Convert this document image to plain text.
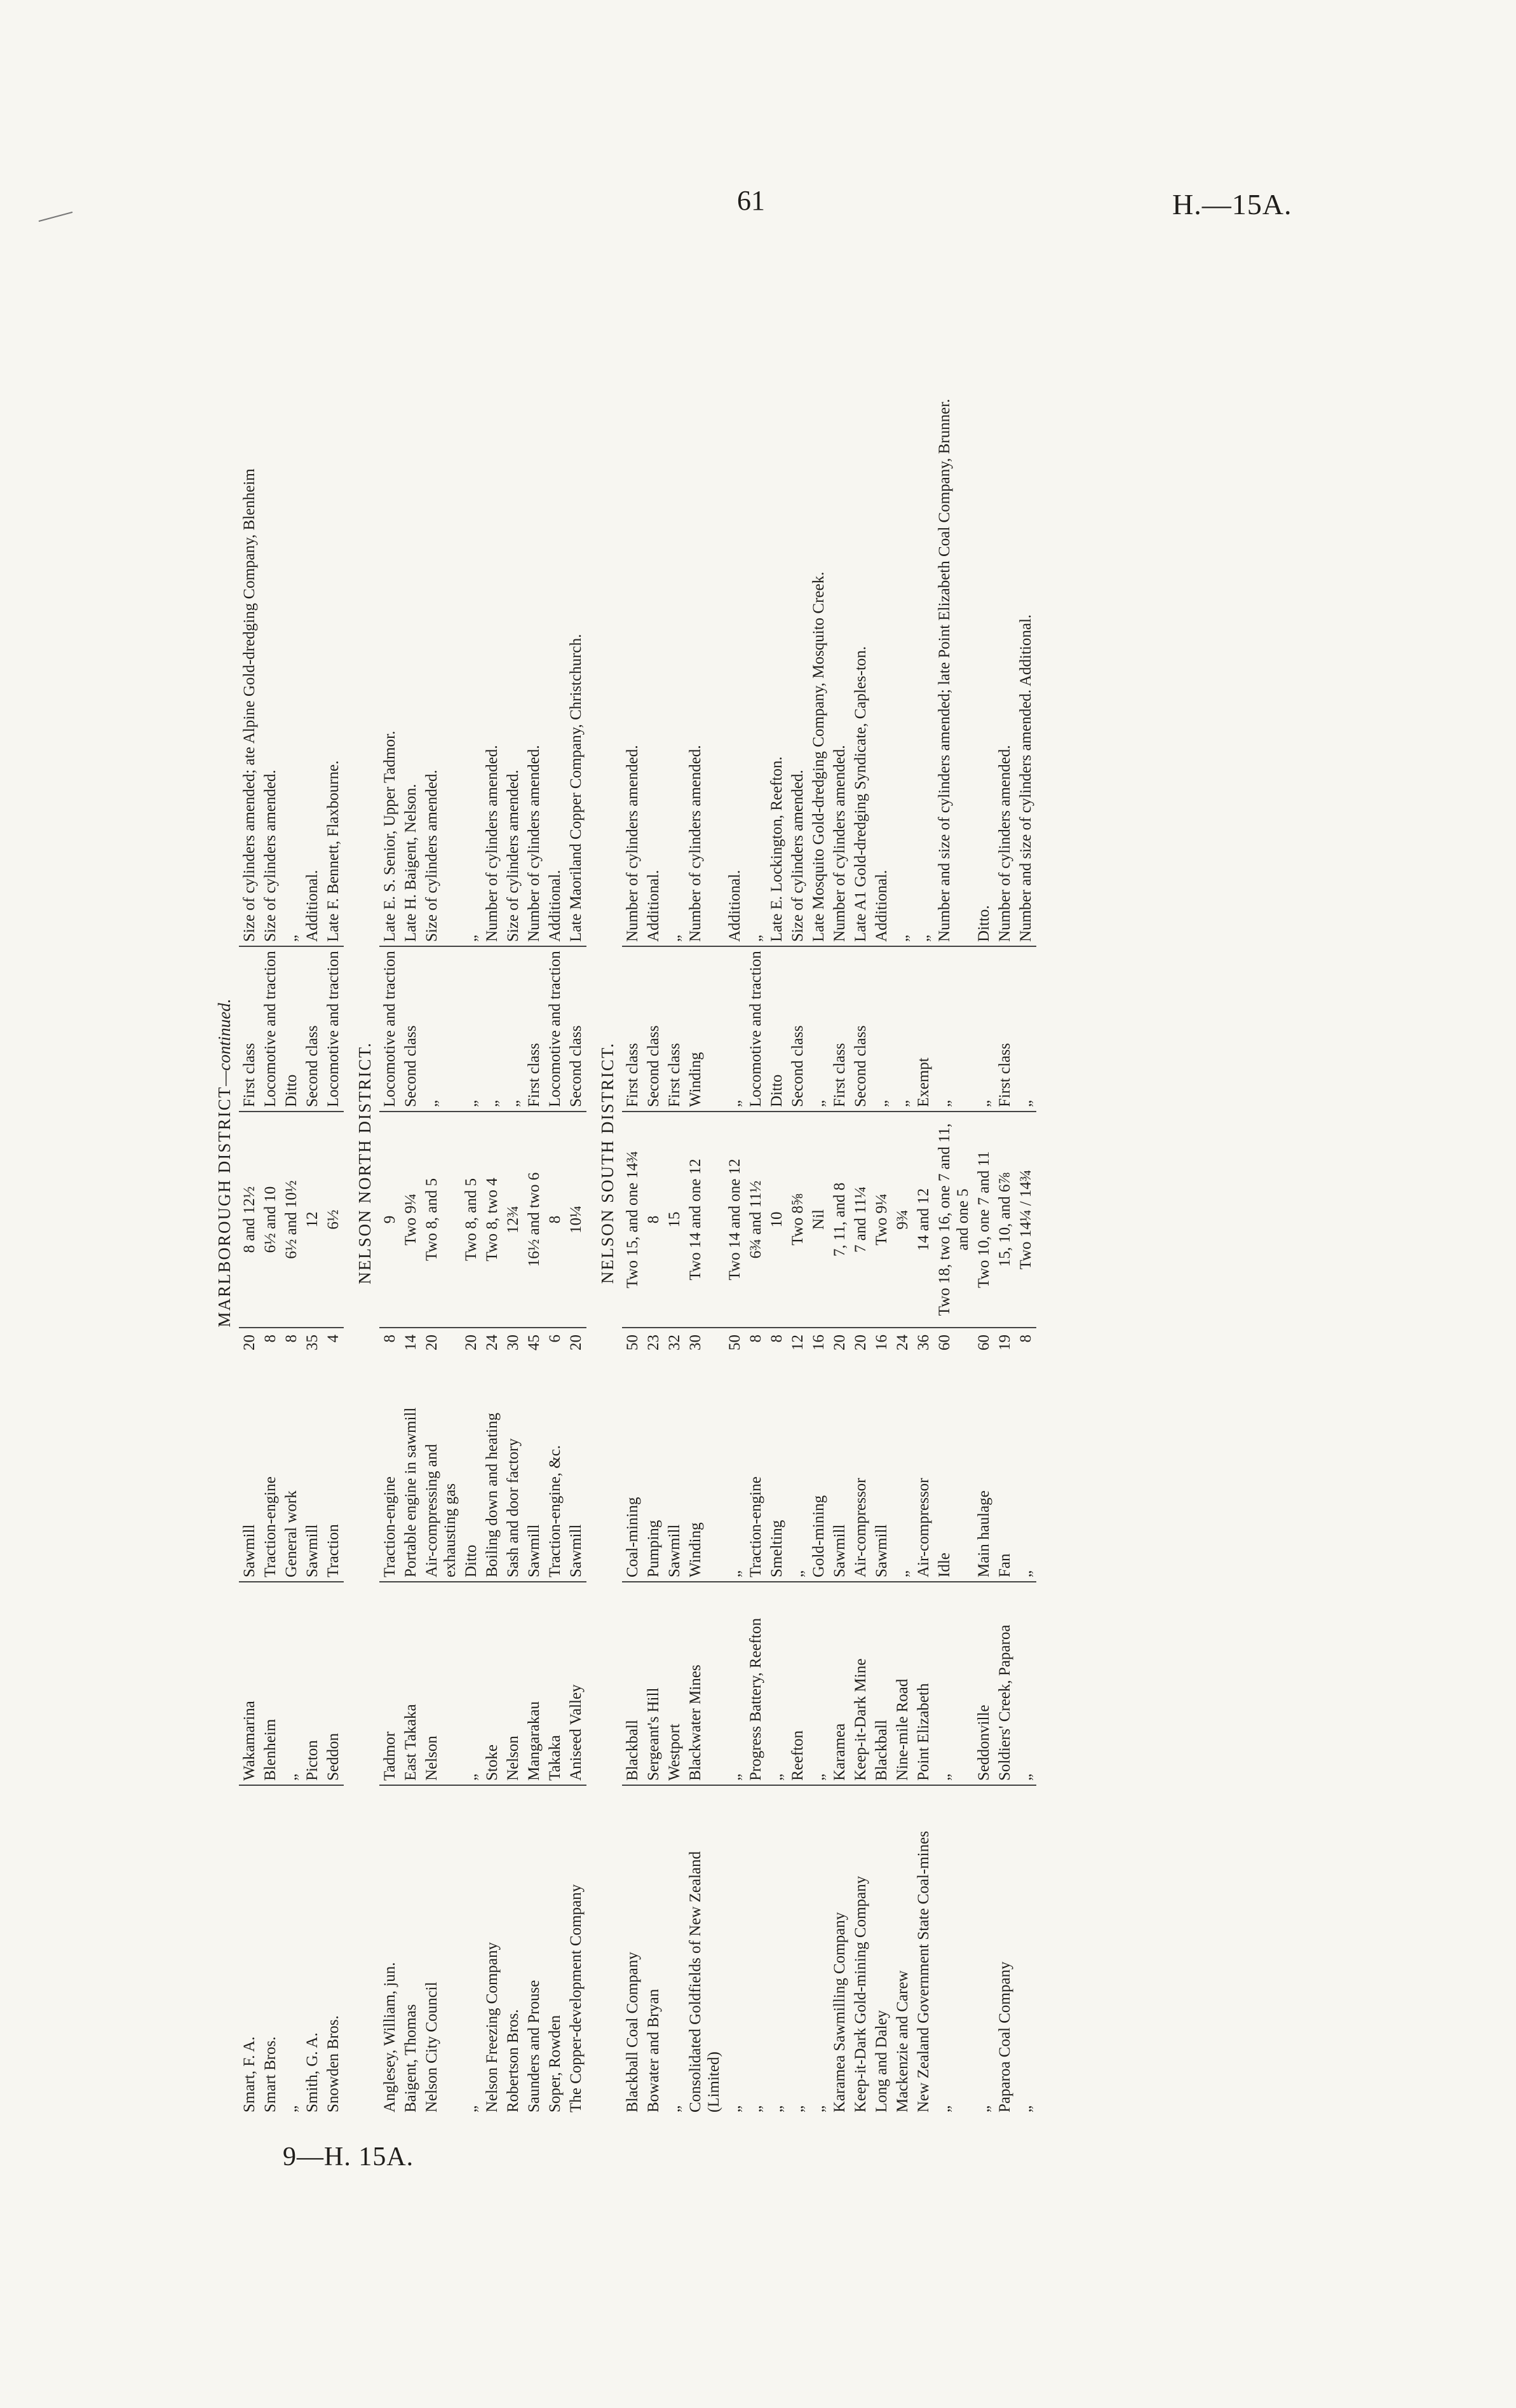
61	H.—15A.
9—H. 15A.
MARLBOROUGH DISTRICT—continued.
Smart, F. A.
Wakamarina
Sawmill
20
8 and 12½
First class
Size of cylinders amended; ate Alpine Gold-dredging Company, Blenheim
Smart Bros.
Blenheim
Traction-engine
8
6½ and 10
Locomotive and traction
Size of cylinders amended.
„
„
General work
8
6½ and 10½
Ditto
„
Smith, G. A.
Picton
Sawmill
35
12
Second class
Additional.
Snowden Bros.
Seddon
Traction
4
6½
Locomotive and traction
Late F. Bennett, Flaxbourne.
NELSON NORTH DISTRICT.
Anglesey, William, jun.
Tadmor
Traction-engine
8
9
Locomotive and traction
Late E. S. Senior, Upper Tadmor.
Baigent, Thomas
East Takaka
Portable engine in sawmill
14
Two 9¼
Second class
Late H. Baigent, Nelson.
Nelson City Council
Nelson
Air-compressing and exhausting gas
20
Two 8, and 5
„
Size of cylinders amended.
„
„
Ditto
20
Two 8, and 5
„
„
Nelson Freezing Company
Stoke
Boiling down and heating
24
Two 8, two 4
„
Number of cylinders amended.
Robertson Bros.
Nelson
Sash and door factory
30
12¾
„
Size of cylinders amended.
Saunders and Prouse
Mangarakau
Sawmill
45
16½ and two 6
First class
Number of cylinders amended.
Soper, Rowden
Takaka
Traction-engine, &c.
6
8
Locomotive and traction
Additional.
The Copper-development Company
Aniseed Valley
Sawmill
20
10¼
Second class
Late Maoriland Copper Company, Christchurch.
NELSON SOUTH DISTRICT.
Blackball Coal Company
Blackball
Coal-mining
50
Two 15, and one 14¾
First class
Number of cylinders amended.
Bowater and Bryan
Sergeant's Hill
Pumping
23
8
Second class
Additional.
„
Westport
Sawmill
32
15
First class
„
Consolidated Goldfields of New Zealand (Limited)
Blackwater Mines
Winding
30
Two 14 and one 12
Winding
Number of cylinders amended.
„
„
„
50
Two 14 and one 12
„
Additional.
„
Progress Battery, Reefton
Traction-engine
8
6¾ and 11½
Locomotive and traction
„
„
„
Smelting
8
10
Ditto
Late E. Lockington, Reefton.
„
Reefton
„
12
Two 8⅝
Second class
Size of cylinders amended.
„
„
Gold-mining
16
Nil
„
Late Mosquito Gold-dredging Company, Mosquito Creek.
Karamea Sawmilling Company
Karamea
Sawmill
20
7, 11, and 8
First class
Number of cylinders amended.
Keep-it-Dark Gold-mining Company
Keep-it-Dark Mine
Air-compressor
20
7 and 11¼
Second class
Late A1 Gold-dredging Syndicate, Caples-ton.
Long and Daley
Blackball
Sawmill
16
Two 9¼
„
Additional.
Mackenzie and Carew
Nine-mile Road
„
24
9¾
„
„
New Zealand Government State Coal-mines
Point Elizabeth
Air-compressor
36
14 and 12
Exempt
„
„
„
Idle
60
Two 18, two 16, one 7 and 11, and one 5
„
Number and size of cylinders amended; late Point Elizabeth Coal Company, Brunner.
„
Seddonville
Main haulage
60
Two 10, one 7 and 11
„
Ditto.
Paparoa Coal Company
Soldiers' Creek, Paparoa
Fan
19
15, 10, and 6⅞
First class
Number of cylinders amended.
„
„
„
8
Two 14¼ / 14¾
„
Number and size of cylinders amended. Additional.
